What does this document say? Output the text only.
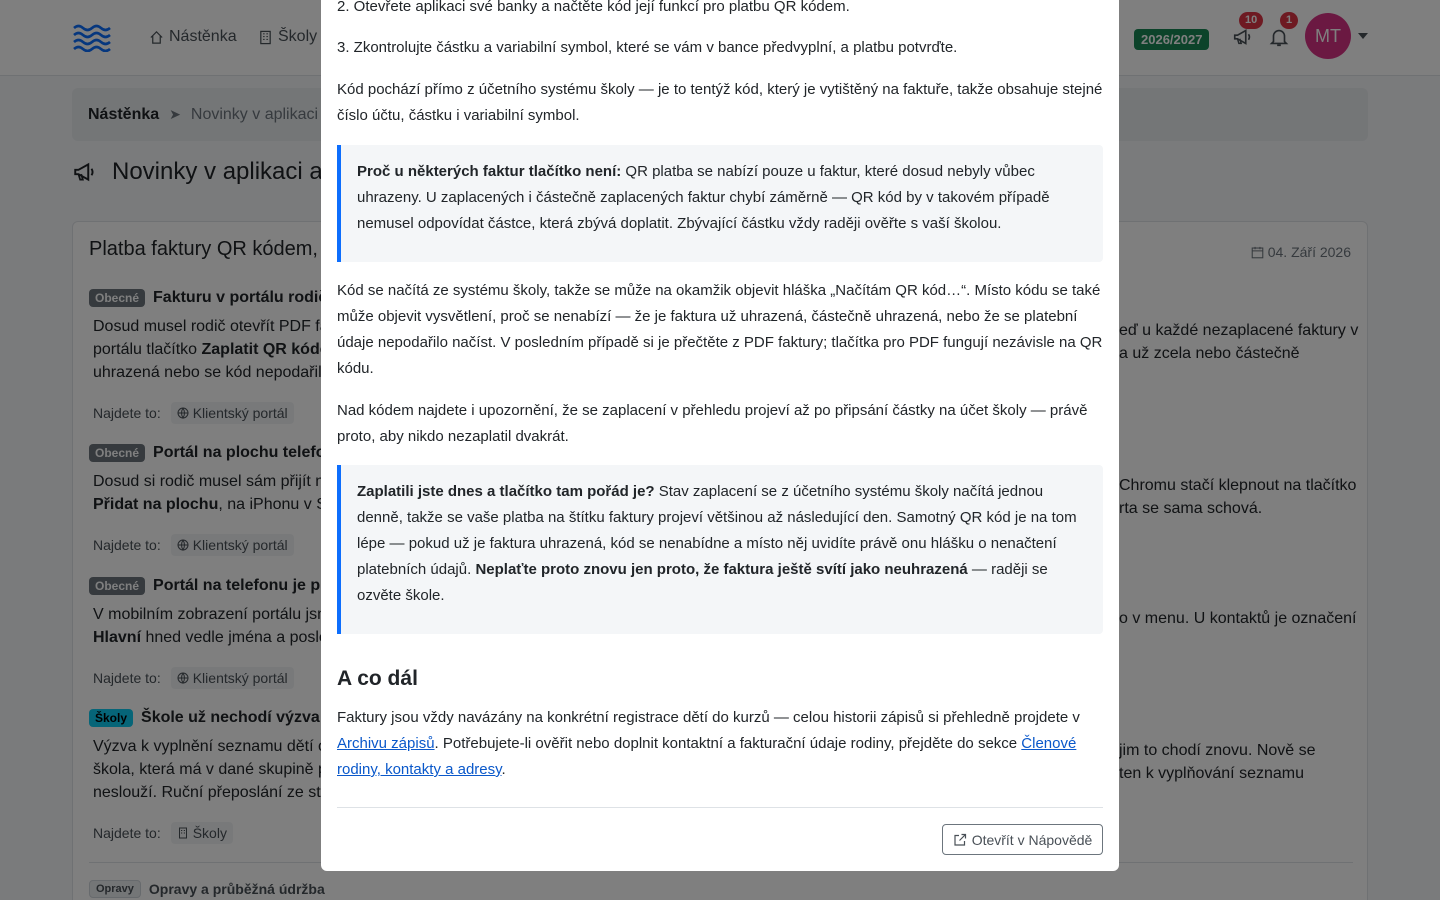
2. Otevřete aplikaci své banky a načtěte kód její funkcí pro platbu QR kódem.
3. Zkontrolujte částku a variabilní symbol, které se vám v bance předvyplní, a platbu potvrďte.
Kód pochází přímo z účetního systému školy — je to tentýž kód, který je vytištěný na faktuře, takže obsahuje stejné číslo účtu, částku i variabilní symbol.
Proč u některých faktur tlačítko není: QR platba se nabízí pouze u faktur, které dosud nebyly vůbec uhrazeny. U zaplacených i částečně zaplacených faktur chybí záměrně — QR kód by v takovém případě nemusel odpovídat částce, která zbývá doplatit. Zbývající částku vždy raději ověřte s vaší školou.
Kód se načítá ze systému školy, takže se může na okamžik objevit hláška „Načítám QR kód…“. Místo kódu se také může objevit vysvětlení, proč se nenabízí — že je faktura už uhrazená, částečně uhrazená, nebo že se platební údaje nepodařilo načíst. V posledním případě si je přečtěte z PDF faktury; tlačítka pro PDF fungují nezávisle na QR kódu.
Nad kódem najdete i upozornění, že se zaplacení v přehledu projeví až po připsání částky na účet školy — právě proto, aby nikdo nezaplatil dvakrát.
Zaplatili jste dnes a tlačítko tam pořád je? Stav zaplacení se z účetního systému školy načítá jednou denně, takže se vaše platba na štítku faktury projeví většinou až následující den. Samotný QR kód je na tom lépe — pokud už je faktura uhrazená, kód se nenabídne a místo něj uvidíte právě onu hlášku o nenačtení platebních údajů. Neplaťte proto znovu jen proto, že faktura ještě svítí jako neuhrazená — raději se ozvěte škole.
A co dál
Faktury jsou vždy navázány na konkrétní registrace dětí do kurzů — celou historii zápisů si přehledně projdete v Archivu zápisů. Potřebujete-li ověřit nebo doplnit kontaktní a fakturační údaje rodiny, přejděte do sekce Členové rodiny, kontakty a adresy.
Otevřít v Nápovědě
